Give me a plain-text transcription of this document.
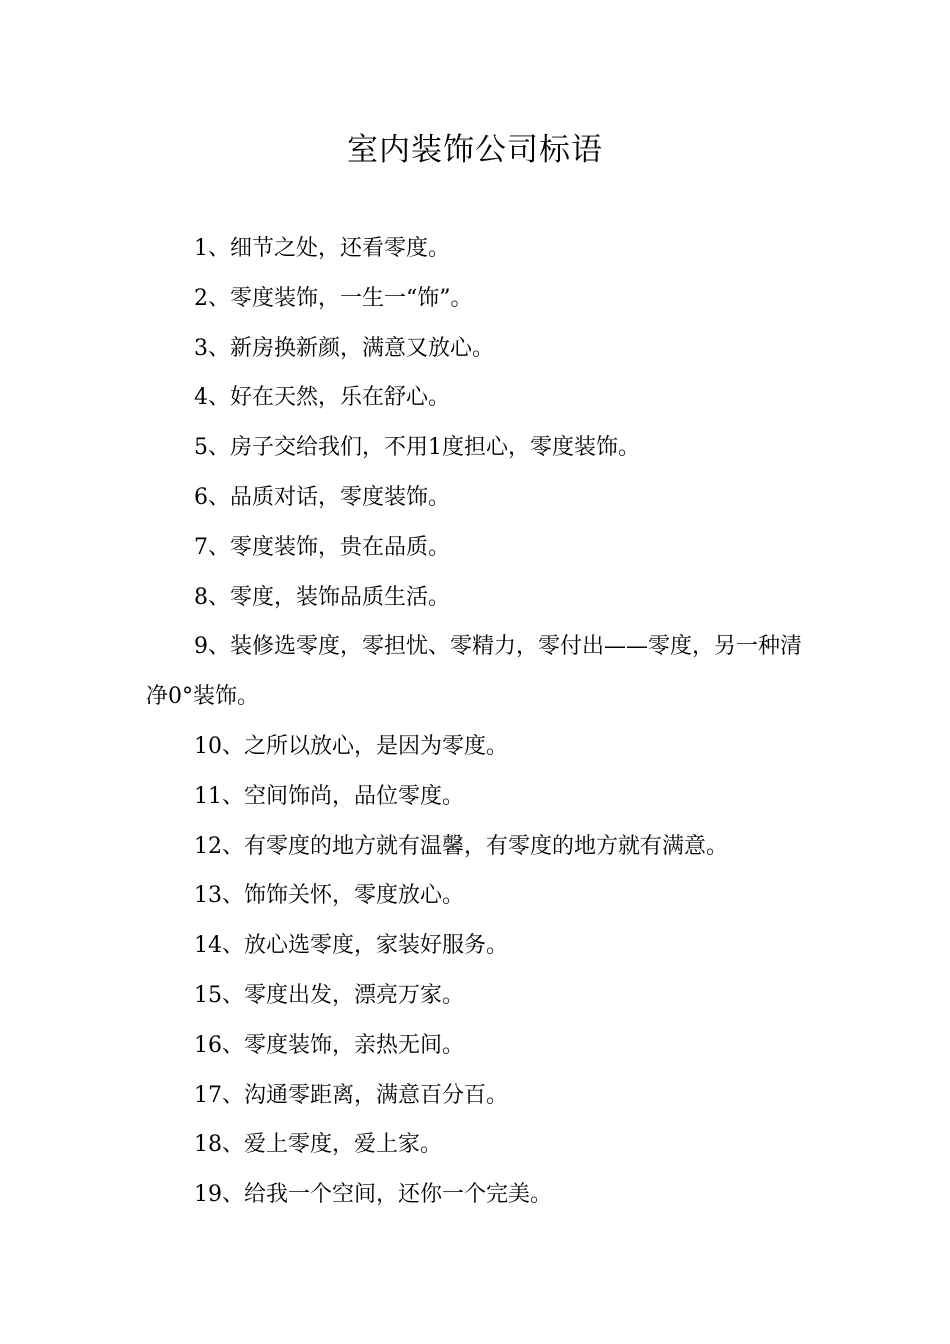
室内装饰公司标语
1、细节之处，还看零度。
2、零度装饰，一生一“饰”。
3、新房换新颜，满意又放心。
4、好在天然，乐在舒心。
5、房子交给我们，不用1度担心，零度装饰。
6、品质对话，零度装饰。
7、零度装饰，贵在品质。
8、零度，装饰品质生活。
9、装修选零度，零担忧、零精力，零付出——零度，另一种清净0°装饰。
10、之所以放心，是因为零度。
11、空间饰尚，品位零度。
12、有零度的地方就有温馨，有零度的地方就有满意。
13、饰饰关怀，零度放心。
14、放心选零度，家装好服务。
15、零度出发，漂亮万家。
16、零度装饰，亲热无间。
17、沟通零距离，满意百分百。
18、爱上零度，爱上家。
19、给我一个空间，还你一个完美。
